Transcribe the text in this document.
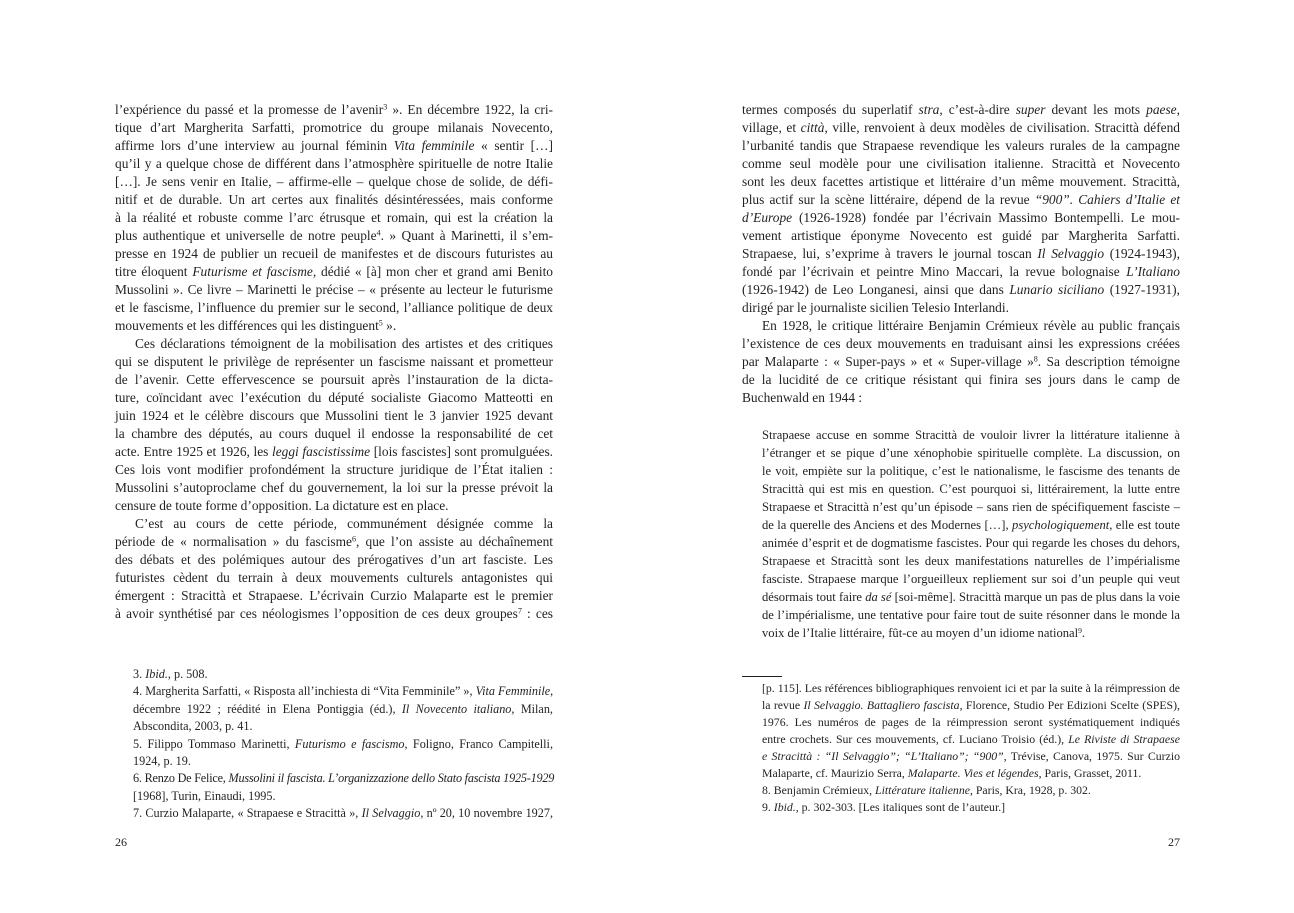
l’expérience du passé et la promesse de l’avenir$^3$ ». En décembre 1922, la cri-
tique d’art Margherita Sarfatti, promotrice du groupe milanais Novecento,
affirme lors d’une interview au journal féminin Vita femminile « sentir […]
qu’il y a quelque chose de différent dans l’atmosphère spirituelle de notre Italie
[…]. Je sens venir en Italie, – affirme-elle – quelque chose de solide, de défi-
nitif et de durable. Un art certes aux finalités désintéressées, mais conforme
à la réalité et robuste comme l’arc étrusque et romain, qui est la création la
plus authentique et universelle de notre peuple$^4$. » Quant à Marinetti, il s’em-
presse en 1924 de publier un recueil de manifestes et de discours futuristes au
titre éloquent Futurisme et fascisme, dédié « [à] mon cher et grand ami Benito
Mussolini ». Ce livre – Marinetti le précise – « présente au lecteur le futurisme
et le fascisme, l’influence du premier sur le second, l’alliance politique de deux
mouvements et les différences qui les distinguent$^5$ ».
Ces déclarations témoignent de la mobilisation des artistes et des critiques
qui se disputent le privilège de représenter un fascisme naissant et prometteur
de l’avenir. Cette effervescence se poursuit après l’instauration de la dicta-
ture, coïncidant avec l’exécution du député socialiste Giacomo Matteotti en
juin 1924 et le célèbre discours que Mussolini tient le 3 janvier 1925 devant
la chambre des députés, au cours duquel il endosse la responsabilité de cet
acte. Entre 1925 et 1926, les leggi fascistissime [lois fascistes] sont promulguées.
Ces lois vont modifier profondément la structure juridique de l’État italien :
Mussolini s’autoproclame chef du gouvernement, la loi sur la presse prévoit la
censure de toute forme d’opposition. La dictature est en place.
C’est au cours de cette période, communément désignée comme la
période de « normalisation » du fascisme$^6$, que l’on assiste au déchaînement
des débats et des polémiques autour des prérogatives d’un art fasciste. Les
futuristes cèdent du terrain à deux mouvements culturels antagonistes qui
émergent : Stracittà et Strapaese. L’écrivain Curzio Malaparte est le premier
à avoir synthétisé par ces néologismes l’opposition de ces deux groupes$^7$ : ces
3. Ibid., p. 508.
4. Margherita Sarfatti, « Risposta all’inchiesta di “Vita Femminile” », Vita Femminile,
décembre 1922 ; réédité in Elena Pontiggia (éd.), Il Novecento italiano, Milan,
Abscondita, 2003, p. 41.
5. Filippo Tommaso Marinetti, Futurismo e fascismo, Foligno, Franco Campitelli,
1924, p. 19.
6. Renzo De Felice, Mussolini il fascista. L’organizzazione dello Stato fascista 1925-1929
[1968], Turin, Einaudi, 1995.
7. Curzio Malaparte, « Strapaese e Stracittà », Il Selvaggio, nº 20, 10 novembre 1927,
26
termes composés du superlatif stra, c’est-à-dire super devant les mots paese,
village, et città, ville, renvoient à deux modèles de civilisation. Stracittà défend
l’urbanité tandis que Strapaese revendique les valeurs rurales de la campagne
comme seul modèle pour une civilisation italienne. Stracittà et Novecento
sont les deux facettes artistique et littéraire d’un même mouvement. Stracittà,
plus actif sur la scène littéraire, dépend de la revue “900”. Cahiers d’Italie et
d’Europe (1926-1928) fondée par l’écrivain Massimo Bontempelli. Le mou-
vement artistique éponyme Novecento est guidé par Margherita Sarfatti.
Strapaese, lui, s’exprime à travers le journal toscan Il Selvaggio (1924-1943),
fondé par l’écrivain et peintre Mino Maccari, la revue bolognaise L’Italiano
(1926-1942) de Leo Longanesi, ainsi que dans Lunario siciliano (1927-1931),
dirigé par le journaliste sicilien Telesio Interlandi.
En 1928, le critique littéraire Benjamin Crémieux révèle au public français
l’existence de ces deux mouvements en traduisant ainsi les expressions créées
par Malaparte : « Super-pays » et « Super-village »$^8$. Sa description témoigne
de la lucidité de ce critique résistant qui finira ses jours dans le camp de
Buchenwald en 1944 :
Strapaese accuse en somme Stracittà de vouloir livrer la littérature italienne à
l’étranger et se pique d’une xénophobie spirituelle complète. La discussion, on
le voit, empiète sur la politique, c’est le nationalisme, le fascisme des tenants de
Stracittà qui est mis en question. C’est pourquoi si, littérairement, la lutte entre
Strapaese et Stracittà n’est qu’un épisode – sans rien de spécifiquement fasciste –
de la querelle des Anciens et des Modernes […], psychologiquement, elle est toute
animée d’esprit et de dogmatisme fascistes. Pour qui regarde les choses du dehors,
Strapaese et Stracittà sont les deux manifestations naturelles de l’impérialisme
fasciste. Strapaese marque l’orgueilleux repliement sur soi d’un peuple qui veut
désormais tout faire da sé [soi-même]. Stracittà marque un pas de plus dans la voie
de l’impérialisme, une tentative pour faire tout de suite résonner dans le monde la
voix de l’Italie littéraire, fût-ce au moyen d’un idiome national$^9$.
[p. 115]. Les références bibliographiques renvoient ici et par la suite à la réimpression de
la revue Il Selvaggio. Battagliero fascista, Florence, Studio Per Edizioni Scelte (SPES),
1976. Les numéros de pages de la réimpression seront systématiquement indiqués
entre crochets. Sur ces mouvements, cf. Luciano Troisio (éd.), Le Riviste di Strapaese
e Stracittà : “Il Selvaggio”; “L’Italiano”; “900”, Trévise, Canova, 1975. Sur Curzio
Malaparte, cf. Maurizio Serra, Malaparte. Vies et légendes, Paris, Grasset, 2011.
8. Benjamin Crémieux, Littérature italienne, Paris, Kra, 1928, p. 302.
9. Ibid., p. 302-303. [Les italiques sont de l’auteur.]
27
